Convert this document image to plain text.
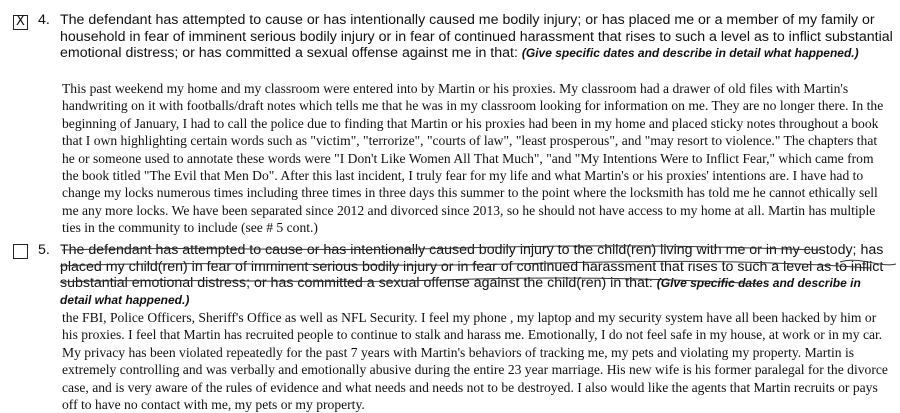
X 4. The defendant has attempted to cause or has intentionally caused me bodily injury; or has placed me or a member of my family or household in fear of imminent serious bodily injury or in fear of continued harassment that rises to such a level as to inflict substantial emotional distress; or has committed a sexual offense against me in that: (Give specific dates and describe in detail what happened.)

This past weekend my home and my classroom were entered into by Martin or his proxies. My classroom had a drawer of old files with Martin's handwriting on it with footballs/draft notes which tells me that he was in my classroom looking for information on me. They are no longer there. In the beginning of January, I had to call the police due to finding that Martin or his proxies had been in my home and placed sticky notes throughout a book that I own highlighting certain words such as "victim", "terrorize", "courts of law", "least prosperous", and "may resort to violence." The chapters that he or someone used to annotate these words were "I Don't Like Women All That Much", "and "My Intentions Were to Inflict Fear," which came from the book titled "The Evil that Men Do". After this last incident, I truly fear for my life and what Martin's or his proxies' intentions are. I have had to change my locks numerous times including three times in three days this summer to the point where the locksmith has told me he cannot ethically sell me any more locks. We have been separated since 2012 and divorced since 2013, so he should not have access to my home at all. Martin has multiple ties in the community to include (see # 5 cont.)

5. The defendant has attempted to cause or has intentionally caused bodily injury to the child(ren) living with me or in my custody; has placed my child(ren) in fear of imminent serious bodily injury or in fear of continued harassment that rises to such a level as to inflict substantial emotional distress; or has committed a sexual offense against the child(ren) in that: (Give specific dates and describe in detail what happened.)

the FBI, Police Officers, Sheriff's Office as well as NFL Security. I feel my phone , my laptop and my security system have all been hacked by him or his proxies. I feel that Martin has recruited people to continue to stalk and harass me. Emotionally, I do not feel safe in my house, at work or in my car. My privacy has been violated repeatedly for the past 7 years with Martin's behaviors of tracking me, my pets and violating my property. Martin is extremely controlling and was verbally and emotionally abusive during the entire 23 year marriage. His new wife is his former paralegal for the divorce case, and is very aware of the rules of evidence and what needs and needs not to be destroyed. I also would like the agents that Martin recruits or pays off to have no contact with me, my pets or my property.
